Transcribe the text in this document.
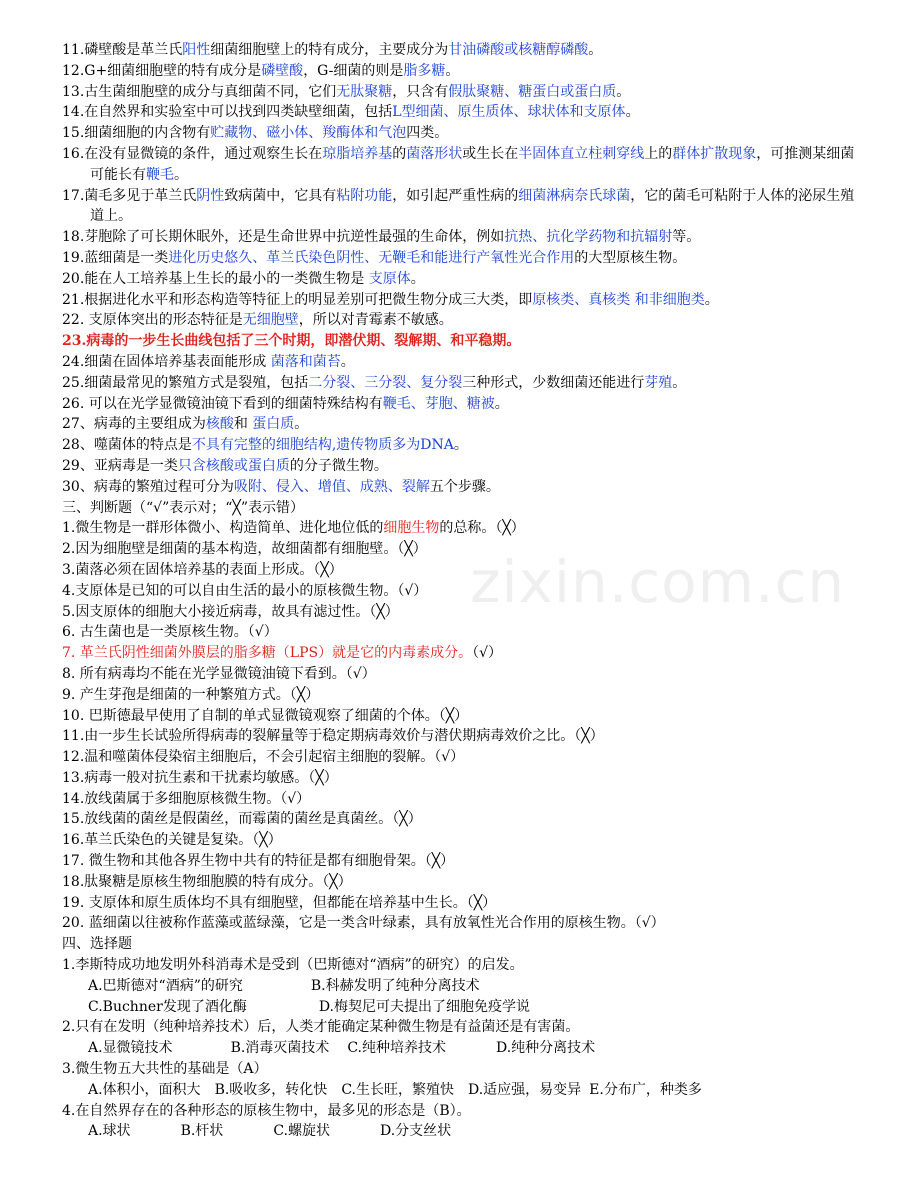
11.磷壁酸是革兰氏阳性细菌细胞壁上的特有成分，主要成分为甘油磷酸或核糖醇磷酸。
12.G+细菌细胞壁的特有成分是磷壁酸，G-细菌的则是脂多糖。
13.古生菌细胞壁的成分与真细菌不同，它们无肽聚糖，只含有假肽聚糖、糖蛋白或蛋白质。
14.在自然界和实验室中可以找到四类缺壁细菌，包括L型细菌、原生质体、球状体和支原体。
15.细菌细胞的内含物有贮藏物、磁小体、羧酶体和气泡四类。
16.在没有显微镜的条件，通过观察生长在琼脂培养基的菌落形状或生长在半固体直立柱刺穿线上的群体扩散现象，可推测某细菌可能长有鞭毛。
17.菌毛多见于革兰氏阴性致病菌中，它具有粘附功能，如引起严重性病的细菌淋病奈氏球菌，它的菌毛可粘附于人体的泌尿生殖道上。
18.芽胞除了可长期休眠外，还是生命世界中抗逆性最强的生命体，例如抗热、抗化学药物和抗辐射等。
19.蓝细菌是一类进化历史悠久、革兰氏染色阴性、无鞭毛和能进行产氧性光合作用的大型原核生物。
20.能在人工培养基上生长的最小的一类微生物是 支原体。
21.根据进化水平和形态构造等特征上的明显差别可把微生物分成三大类，即原核类、真核类 和非细胞类。
22. 支原体突出的形态特征是无细胞壁，所以对青霉素不敏感。
23.病毒的一步生长曲线包括了三个时期，即潜伏期、裂解期、和平稳期。
24.细菌在固体培养基表面能形成 菌落和菌苔。
25.细菌最常见的繁殖方式是裂殖，包括二分裂、三分裂、复分裂三种形式，少数细菌还能进行芽殖。
26. 可以在光学显微镜油镜下看到的细菌特殊结构有鞭毛、芽胞、糖被。
27、病毒的主要组成为核酸和 蛋白质。
28、噬菌体的特点是不具有完整的细胞结构,遗传物质多为DNA。
29、亚病毒是一类只含核酸或蛋白质的分子微生物。
30、病毒的繁殖过程可分为吸附、侵入、增值、成熟、裂解五个步骤。
三、判断题（“√”表示对；“╳”表示错）
1.微生物是一群形体微小、构造简单、进化地位低的细胞生物的总称。（╳）
2.因为细胞壁是细菌的基本构造，故细菌都有细胞壁。（╳）
3.菌落必须在固体培养基的表面上形成。（╳）
4.支原体是已知的可以自由生活的最小的原核微生物。（√）
5.因支原体的细胞大小接近病毒，故具有滤过性。（╳）
6. 古生菌也是一类原核生物。（√）
7. 革兰氏阴性细菌外膜层的脂多糖（LPS）就是它的内毒素成分。（√）
8. 所有病毒均不能在光学显微镜油镜下看到。（√）
9. 产生芽孢是细菌的一种繁殖方式。（╳）
10. 巴斯德最早使用了自制的单式显微镜观察了细菌的个体。（╳）
11.由一步生长试验所得病毒的裂解量等于稳定期病毒效价与潜伏期病毒效价之比。（╳）
12.温和噬菌体侵染宿主细胞后，不会引起宿主细胞的裂解。（√）
13.病毒一般对抗生素和干扰素均敏感。（╳）
14.放线菌属于多细胞原核微生物。（√）
15.放线菌的菌丝是假菌丝，而霉菌的菌丝是真菌丝。（╳）
16.革兰氏染色的关键是复染。（╳）
17. 微生物和其他各界生物中共有的特征是都有细胞骨架。（╳）
18.肽聚糖是原核生物细胞膜的特有成分。（╳）
19. 支原体和原生质体均不具有细胞壁，但都能在培养基中生长。（╳）
20. 蓝细菌以往被称作蓝藻或蓝绿藻，它是一类含叶绿素，具有放氧性光合作用的原核生物。（√）
四、选择题
1.李斯特成功地发明外科消毒术是受到（巴斯德对“酒病”的研究）的启发。
A.巴斯德对“酒病”的研究	B.科赫发明了纯种分离技术
C.Buchner发现了酒化酶	D.梅契尼可夫提出了细胞免疫学说
2.只有在发明（纯种培养技术）后，人类才能确定某种微生物是有益菌还是有害菌。
A.显微镜技术	B.消毒灭菌技术 C.纯种培养技术	D.纯种分离技术
3.微生物五大共性的基础是（A）
A.体积小，面积大 B.吸收多，转化快 C.生长旺，繁殖快 D.适应强，易变异 E.分布广，种类多
4.在自然界存在的各种形态的原核生物中，最多见的形态是（B）。
A.球状	B.杆状	C.螺旋状	D.分支丝状
zixin.com.cn
